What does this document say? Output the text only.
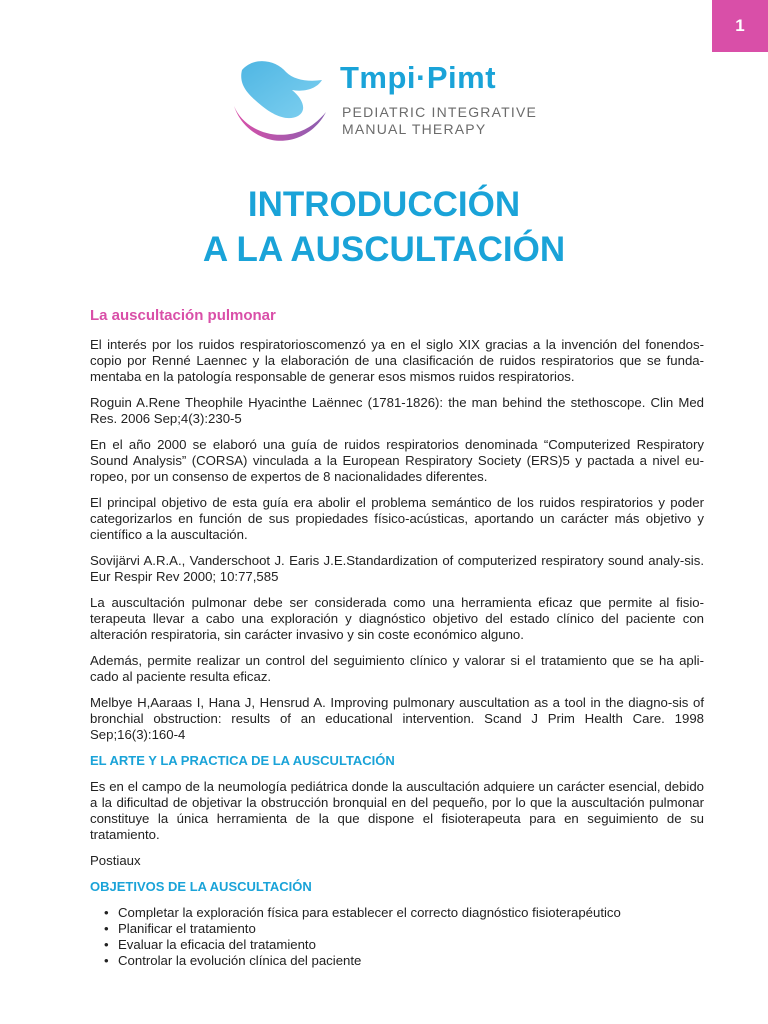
1
Tmpi·Pimt
PEDIATRIC INTEGRATIVE
MANUAL THERAPY
INTRODUCCIÓN
A LA AUSCULTACIÓN
La auscultación pulmonar

El interés por los ruidos respiratorioscomenzó ya en el siglo XIX gracias a la invención del fonendos-copio por Renné Laennec y la elaboración de una clasificación de ruidos respiratorios que se funda-mentaba en la patología responsable de generar esos mismos ruidos respiratorios.

Roguin A.Rene Theophile Hyacinthe Laënnec (1781-1826): the man behind the stethoscope. Clin Med Res. 2006 Sep;4(3):230-5

En el año 2000 se elaboró una guía de ruidos respiratorios denominada “Computerized Respiratory Sound Analysis” (CORSA) vinculada a la European Respiratory Society (ERS)5 y pactada a nivel eu-ropeo, por un consenso de expertos de 8 nacionalidades diferentes.

El principal objetivo de esta guía era abolir el problema semántico de los ruidos respiratorios y poder categorizarlos en función de sus propiedades físico-acústicas, aportando un carácter más objetivo y científico a la auscultación.

Sovijärvi A.R.A., Vanderschoot J. Earis J.E.Standardization of computerized respiratory sound analy-sis. Eur Respir Rev 2000; 10:77,585

La auscultación pulmonar debe ser considerada como una herramienta eficaz que permite al fisio-terapeuta llevar a cabo una exploración y diagnóstico objetivo del estado clínico del paciente con alteración respiratoria, sin carácter invasivo y sin coste económico alguno.

Además, permite realizar un control del seguimiento clínico y valorar si el tratamiento que se ha apli-cado al paciente resulta eficaz.

Melbye H,Aaraas I, Hana J, Hensrud A. Improving pulmonary auscultation as a tool in the diagno-sis of bronchial obstruction: results of an educational intervention. Scand J Prim Health Care. 1998 Sep;16(3):160-4

EL ARTE Y LA PRACTICA DE LA AUSCULTACIÓN

Es en el campo de la neumología pediátrica donde la auscultación adquiere un carácter esencial, debido a la dificultad de objetivar la obstrucción bronquial en del pequeño, por lo que la auscultación pulmonar constituye la única herramienta de la que dispone el fisioterapeuta para en seguimiento de su tratamiento.

Postiaux

OBJETIVOS DE LA AUSCULTACIÓN
• Completar la exploración física para establecer el correcto diagnóstico fisioterapéutico
• Planificar el tratamiento
• Evaluar la eficacia del tratamiento
• Controlar la evolución clínica del paciente
